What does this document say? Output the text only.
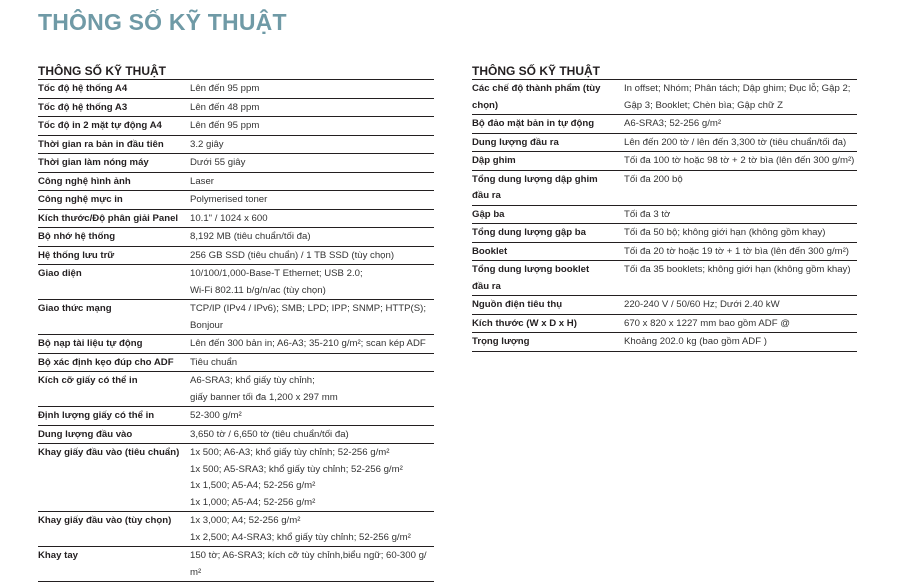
THÔNG SỐ KỸ THUẬT
THÔNG SỐ KỸ THUẬT
Tốc độ hệ thống A4	Lên đến 95 ppm

Tốc độ hệ thống A3	Lên đến 48 ppm

Tốc độ in 2 mặt tự động A4	Lên đến 95 ppm

Thời gian ra bản in đầu tiên	3.2 giây

Thời gian làm nóng máy	Dưới 55 giây

Công nghệ hình ảnh	Laser

Công nghệ mực in	Polymerised toner

Kích thước/Độ phân giải Panel	10.1" / 1024 x 600

Bộ nhớ hệ thống	8,192 MB (tiêu chuẩn/tối đa)

Hệ thống lưu trữ	256 GB SSD (tiêu chuẩn) / 1 TB SSD (tùy chọn)

Giao diện	10/100/1,000-Base-T Ethernet; USB 2.0;
Wi-Fi 802.11 b/g/n/ac (tùy chọn)

Giao thức mạng	TCP/IP (IPv4 / IPv6); SMB; LPD; IPP; SNMP; HTTP(S);
Bonjour

Bộ nạp tài liệu tự động	Lên đến 300 bản in; A6-A3; 35-210 g/m²; scan kép ADF

Bộ xác định kẹo đúp cho ADF	Tiêu chuẩn

Kích cỡ giấy có thể in	A6-SRA3; khổ giấy tùy chỉnh;
giấy banner tối đa 1,200 x 297 mm

Định lượng giấy có thể in	52-300 g/m²

Dung lượng đầu vào	3,650 tờ / 6,650 tờ (tiêu chuẩn/tối đa)

Khay giấy đầu vào (tiêu chuẩn)	1x 500; A6-A3; khổ giấy tùy chỉnh; 52-256 g/m²
1x 500; A5-SRA3; khổ giấy tùy chỉnh; 52-256 g/m²
1x 1,500; A5-A4; 52-256 g/m²
1x 1,000; A5-A4; 52-256 g/m²

Khay giấy đầu vào (tùy chọn)	1x 3,000; A4; 52-256 g/m²
1x 2,500; A4-SRA3; khổ giấy tùy chỉnh; 52-256 g/m²

Khay tay	150 tờ; A6-SRA3; kích cỡ tùy chỉnh,biểu ngữ; 60-300 g/
m²
THÔNG SỐ KỸ THUẬT
Các chế độ thành phẩm (tùy
chọn)	In offset; Nhóm; Phân tách; Dập ghim; Đục lỗ; Gập 2;
Gập 3; Booklet; Chèn bìa; Gập chữ Z

Bộ đảo mặt bản in tự động	A6-SRA3; 52-256 g/m²

Dung lượng đầu ra	Lên đến 200 tờ / lên đến 3,300 tờ (tiêu chuẩn/tối đa)

Dập ghim	Tối đa 100 tờ hoặc 98 tờ + 2 tờ bìa (lên đến 300 g/m²)

Tổng dung lượng dập ghim
đầu ra	Tối đa 200 bộ

Gập ba	Tối đa 3 tờ

Tổng dung lượng gập ba	Tối đa 50 bộ; không giới hạn (không gồm khay)

Booklet	Tối đa 20 tờ hoặc 19 tờ + 1 tờ bìa (lên đến 300 g/m²)

Tổng dung lượng booklet
đầu ra	Tối đa 35 booklets; không giới hạn (không gồm khay)

Nguồn điện tiêu thụ	220-240 V / 50/60 Hz; Dưới 2.40 kW

Kích thước (W x D x H)	670 x 820 x 1227 mm bao gồm ADF @

Trọng lượng	Khoảng 202.0 kg (bao gồm ADF )
